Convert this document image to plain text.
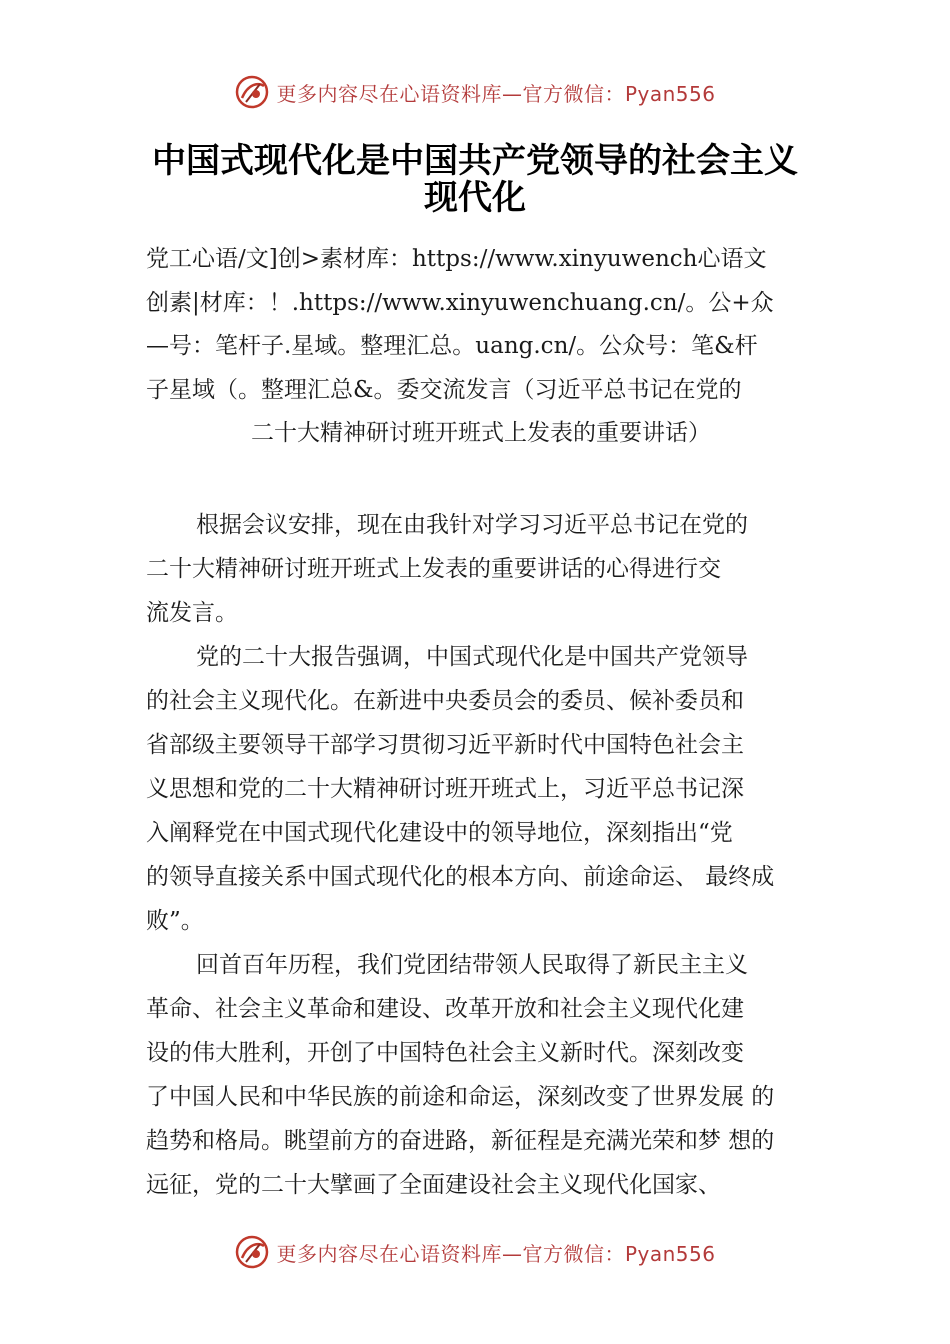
更多内容尽在心语资料库—官方微信：Pyan556
中国式现代化是中国共产党领导的社会主义
现代化
党工心语/文]创>素材库：https://www.xinyuwench心语文
创素|材库：！.https://www.xinyuwenchuang.cn/。公+众
—号：笔杆子.星域。整理汇总。uang.cn/。公众号：笔&杆
子星域（。整理汇总&。委交流发言（习近平总书记在党的
二十大精神研讨班开班式上发表的重要讲话）
根据会议安排，现在由我针对学习习近平总书记在党的
二十大精神研讨班开班式上发表的重要讲话的心得进行交
流发言。
党的二十大报告强调，中国式现代化是中国共产党领导
的社会主义现代化。在新进中央委员会的委员、候补委员和
省部级主要领导干部学习贯彻习近平新时代中国特色社会主
义思想和党的二十大精神研讨班开班式上，习近平总书记深
入阐释党在中国式现代化建设中的领导地位，深刻指出“党
的领导直接关系中国式现代化的根本方向、前途命运、 最终成
败”。
回首百年历程，我们党团结带领人民取得了新民主主义
革命、社会主义革命和建设、改革开放和社会主义现代化建
设的伟大胜利，开创了中国特色社会主义新时代。深刻改变
了中国人民和中华民族的前途和命运，深刻改变了世界发展 的
趋势和格局。眺望前方的奋进路，新征程是充满光荣和梦 想的
远征，党的二十大擘画了全面建设社会主义现代化国家、
更多内容尽在心语资料库—官方微信：Pyan556
